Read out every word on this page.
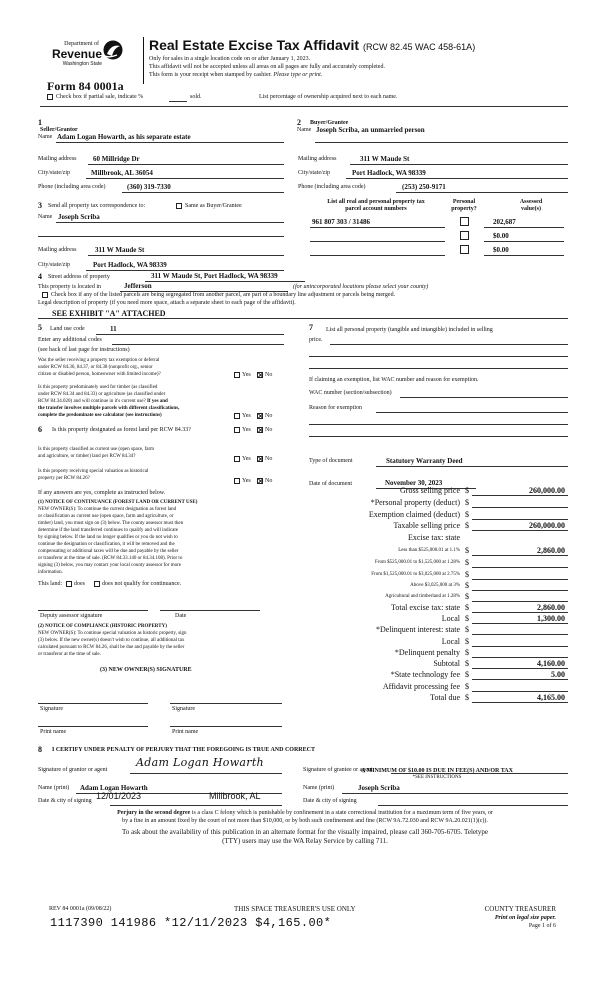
Department of
Revenue
Washington State
Form 84 0001a
Real Estate Excise Tax Affidavit (RCW 82.45 WAC 458-61A)
Only for sales in a single location code on or after January 1, 2023.
This affidavit will not be accepted unless all areas on all pages are fully and accurately completed.
This form is your receipt when stamped by cashier. Please type or print.
Check box if partial sale, indicate %	sold.	List percentage of ownership acquired next to each name.
1
Seller/Grantor
Name Adam Logan Howarth, as his separate estate
Mailing address 60 Millridge Dr
City/state/zip	Millbrook, AL 36054
Phone (including area code)	(360) 319-7330
2 Buyer/Grantee
Name Joseph Scriba, an unmarried person
Mailing address	311 W Maude St
City/state/zip	Port Hadlock, WA 98339
Phone (including area code)	(253) 250-9171
3 Send all property tax correspondence to:	Same as Buyer/Grantee
Name Joseph Scriba
Mailing address	311 W Maude St
City/state/zip	Port Hadlock, WA 98339
List all real and personal property tax
parcel account numbers
Personal
property?
Assessed
value(s)
961 807 303 / 31486	202,687
$0.00
$0.00
4 Street address of property	311 W Maude St, Port Hadlock, WA 98339
This property is located in	Jefferson	(for unincorporated locations please select your county)
Check box if any of the listed parcels are being segregated from another parcel, are part of a boundary line adjustment or parcels being merged.
Legal description of property (if you need more space, attach a separate sheet to each page of the affidavit).
SEE EXHIBIT "A" ATTACHED
5 Land use code	11
Enter any additional codes
(see back of last page for instructions)
Was the seller receiving a property tax exemption or deferral
under RCW 84.36, 84.37, or 84.38 (nonprofit org., senior
citizen or disabled person, homeowner with limited income)?	Yes No
Is this property predominately used for timber (as classified
under RCW 84.34 and 84.33) or agriculture (as classified under
RCW 84.34.020) and will continue in it's current use? If yes and
the transfer involves multiple parcels with different classifications,
complete the predominate use calculator (see instructions)	Yes No
6 Is this property designated as forest land per RCW 84.33?	Yes No
Is this property classified as current use (open space, farm
and agriculture, or timber) land per RCW 84.34?	Yes No
Is this property receiving special valuation as historical
property per RCW 84.26?	Yes No
If any answers are yes, complete as instructed below.
(1) NOTICE OF CONTINUANCE (FOREST LAND OR CURRENT USE)
NEW OWNER(S): To continue the current designation as forest land
or classification as current use (open space, farm and agriculture, or
timber) land, you must sign on (3) below. The county assessor must then
determine if the land transferred continues to qualify and will indicate
by signing below. If the land no longer qualifies or you do not wish to
continue the designation or classification, it will be removed and the
compensating or additional taxes will be due and payable by the seller
or transferor at the time of sale. (RCW 84.33.140 or 84.34.108). Prior to
signing (3) below, you may contact your local county assessor for more
information.
This land: does	does not qualify for continuance.
Deputy assessor signature	Date
(2) NOTICE OF COMPLIANCE (HISTORIC PROPERTY)
NEW OWNER(S): To continue special valuation as historic property, sign
(3) below. If the new owner(s) doesn't wish to continue, all additional tax
calculated pursuant to RCW 84.26, shall be due and payable by the seller
or transferor at the time of sale.
(3) NEW OWNER(S) SIGNATURE
Signature	Signature
Print name	Print name
7 List all personal property (tangible and intangible) included in selling
price.
If claiming an exemption, list WAC number and reason for exemption.
WAC number (section/subsection)
Reason for exemption
Type of document	Statutory Warranty Deed
Date of document	November 30, 2023
Gross selling price $	260,000.00
*Personal property (deduct) $
Exemption claimed (deduct) $
Taxable selling price $	260,000.00
Excise tax: state
Less than $525,000.01 at 1.1% $	2,860.00
From $525,000.01 to $1,525,000 at 1.28% $
From $1,525,000.01 to $3,025,000 at 2.75% $
Above $3,025,000 at 3% $
Agricultural and timberland at 1.28% $
Total excise tax: state $	2,860.00
Local $	1,300.00
*Delinquent interest: state $
Local $
*Delinquent penalty $
Subtotal $	4,160.00
*State technology fee $	5.00
Affidavit processing fee $
Total due $	4,165.00
A MINIMUM OF $10.00 IS DUE IN FEE(S) AND/OR TAX
*SEE INSTRUCTIONS
8 I CERTIFY UNDER PENALTY OF PERJURY THAT THE FOREGOING IS TRUE AND CORRECT
Signature of grantor or agent
Adam Logan Howarth
Signature of grantee or agent
Name (print) Adam Logan Howarth	Name (print)	Joseph Scriba
12/01/2023	Millbrook, AL
Date & city of signing	Date & city of signing
Perjury in the second degree is a class C felony which is punishable by confinement in a state correctional institution for a maximum term of five years, or
by a fine in an amount fixed by the court of not more than $10,000, or by both such confinement and fine (RCW 9A.72.030 and RCW 9A.20.021(1)(c)).
To ask about the availability of this publication in an alternate format for the visually impaired, please call 360-705-6705. Teletype
(TTY) users may use the WA Relay Service by calling 711.
REV 84 0001a (09/08/22)	THIS SPACE TREASURER'S USE ONLY	COUNTY TREASURER
Print on legal size paper.
Page 1 of 6
1117390 141986 *12/11/2023 $4,165.00*
